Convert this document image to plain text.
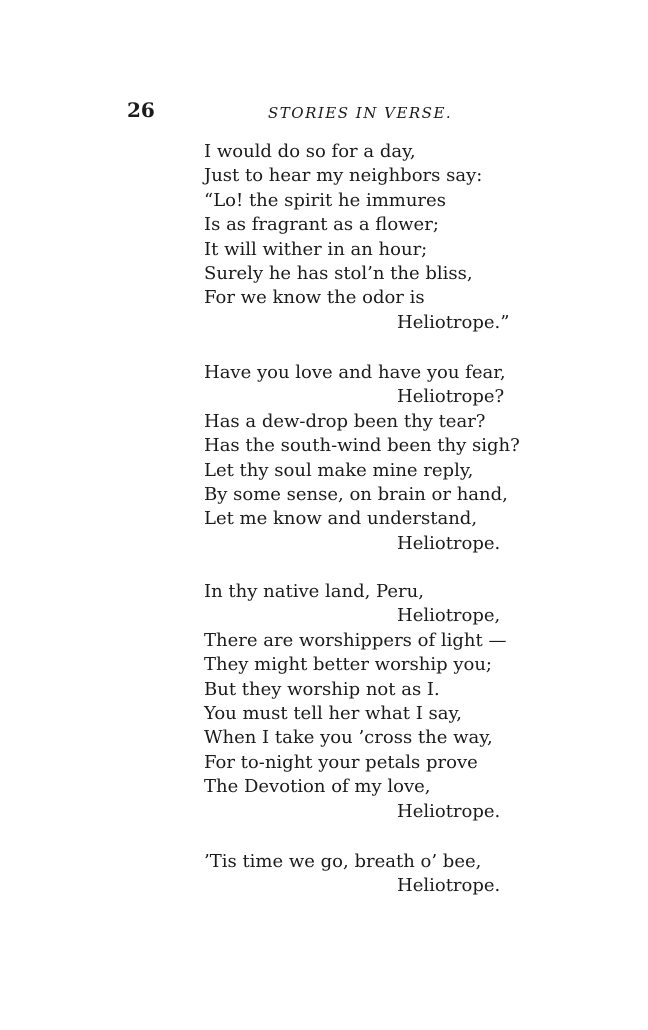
26	STORIES IN VERSE.
I would do so for a day,
Just to hear my neighbors say:
“Lo! the spirit he immures
Is as fragrant as a flower;
It will wither in an hour;
Surely he has stol’n the bliss,
For we know the odor is
Heliotrope.”
Have you love and have you fear,
Heliotrope?
Has a dew-drop been thy tear?
Has the south-wind been thy sigh?
Let thy soul make mine reply,
By some sense, on brain or hand,
Let me know and understand,
Heliotrope.
In thy native land, Peru,
Heliotrope,
There are worshippers of light —
They might better worship you;
But they worship not as I.
You must tell her what I say,
When I take you ’cross the way,
For to-night your petals prove
The Devotion of my love,
Heliotrope.
’Tis time we go, breath o’ bee,
Heliotrope.
